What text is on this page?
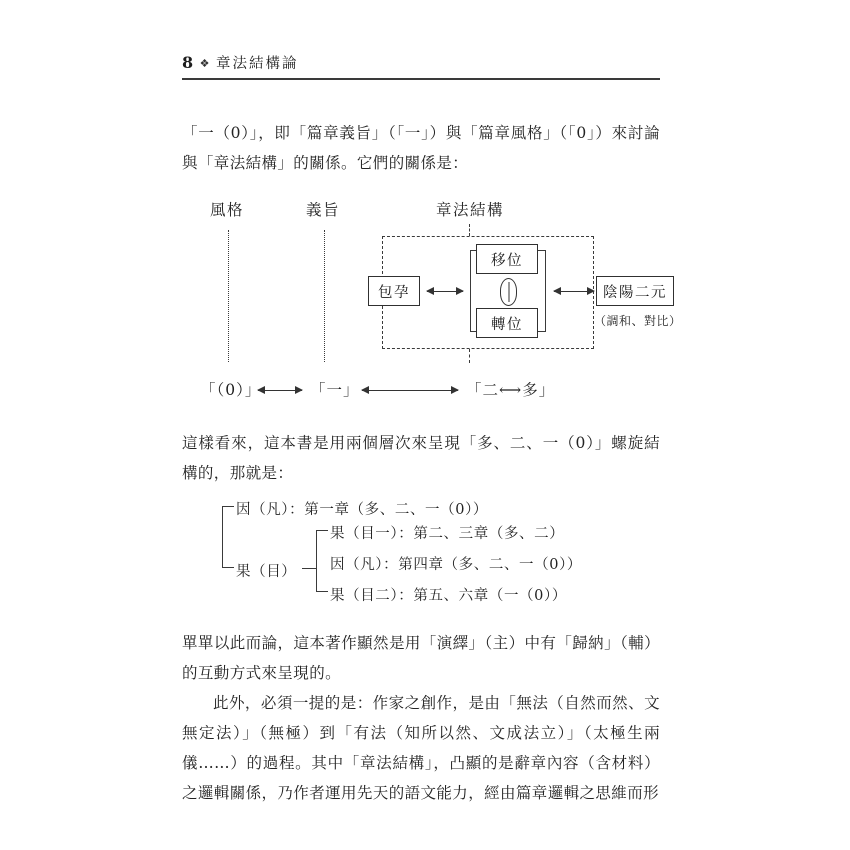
8 ❖ 章法結構論
「一（0）」，即「篇章義旨」（「一」）與「篇章風格」（「0」）來討論與「章法結構」的關係。它們的關係是：
風格	義旨	章法結構
包孕
移位
轉位
陰陽二元
（調和、對比）
「（0）」	「一」	「二⟷多」
這樣看來，這本書是用兩個層次來呈現「多、二、一（0）」螺旋結構的，那就是：
因（凡）：第一章（多、二、一（0））
果（目）
果（目一）：第二、三章（多、二）
因（凡）：第四章（多、二、一（0））
果（目二）：第五、六章（一（0））
單單以此而論，這本著作顯然是用「演繹」（主）中有「歸納」（輔）的互動方式來呈現的。
此外，必須一提的是：作家之創作，是由「無法（自然而然、文無定法）」（無極）到「有法（知所以然、文成法立）」（太極生兩儀……）的過程。其中「章法結構」，凸顯的是辭章內容（含材料）之邏輯關係，乃作者運用先天的語文能力，經由篇章邏輯之思維而形
